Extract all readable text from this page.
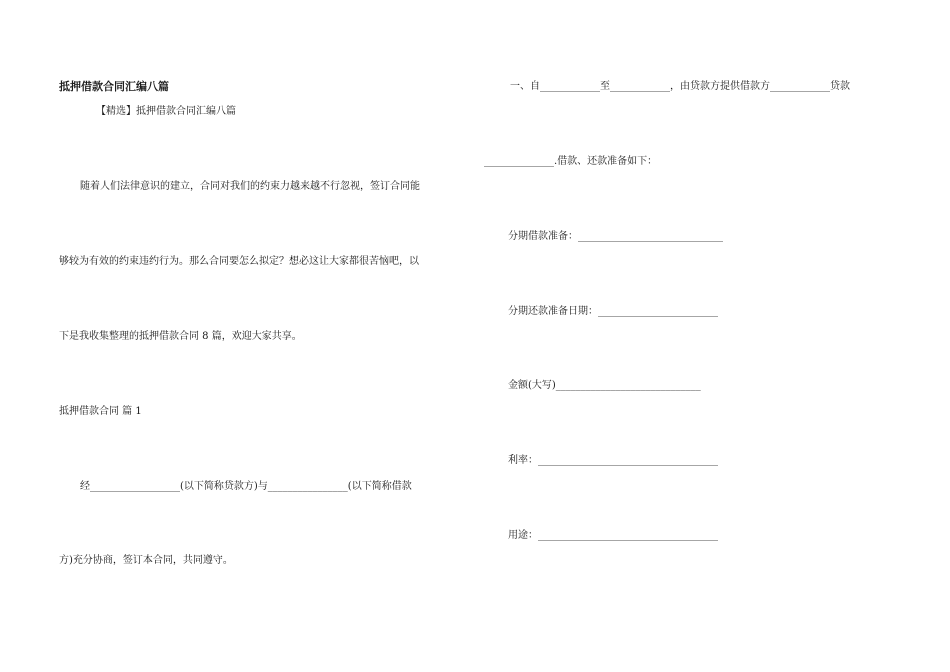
抵押借款合同汇编八篇
【精选】抵押借款合同汇编八篇
随着人们法律意识的建立，合同对我们的约束力越来越不行忽视，签订合同能
够较为有效的约束违约行为。那么合同要怎么拟定？想必这让大家都很苦恼吧，以
下是我收集整理的抵押借款合同 8 篇，欢迎大家共享。
抵押借款合同 篇 1
经__________________(以下简称贷款方)与________________(以下简称借款
方)充分协商，签订本合同，共同遵守。
一、自____________至____________，由贷款方提供借款方____________贷款
______________.借款、还款准备如下：
分期借款准备：_____________________________
分期还款准备日期：________________________
金额(大写)_____________________________
利率：____________________________________
用途：____________________________________
